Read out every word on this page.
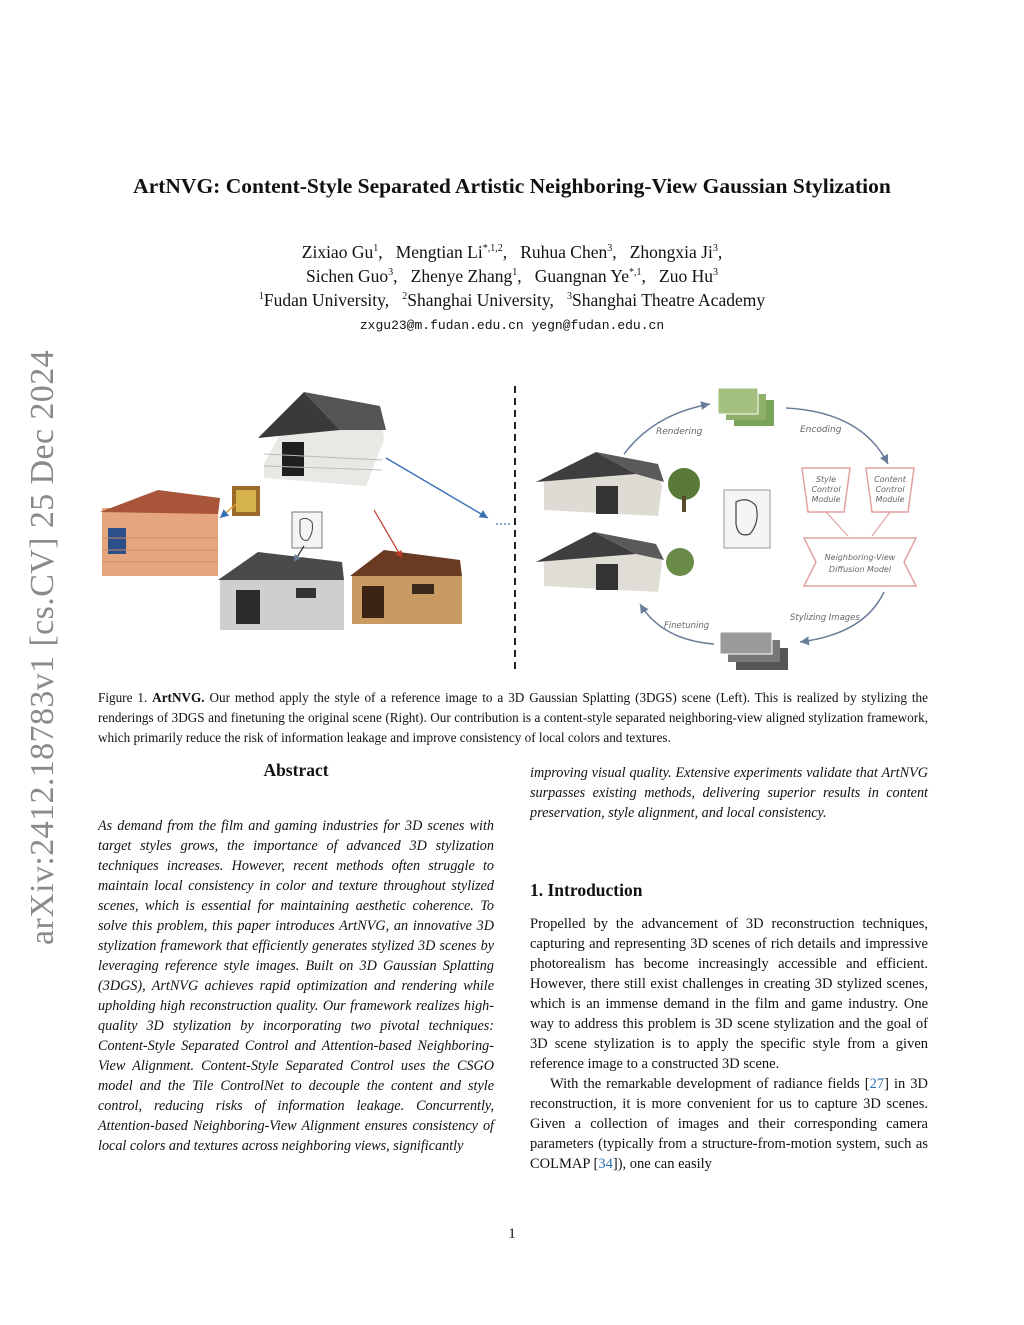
arXiv:2412.18783v1 [cs.CV] 25 Dec 2024
ArtNVG: Content-Style Separated Artistic Neighboring-View Gaussian Stylization
Zixiao Gu$^1$,   Mengtian $Li^{*,1,2}$,   Ruhua Chen$^3$,   Zhongxia Ji$^3$,
Sichen Guo$^3$,   Zhenye Zhang$^1$,   Guangnan $Ye^{*,1}$,   Zuo Hu$^3$
$^1$Fudan University, $^2$Shanghai University, $^3$Shanghai Theatre Academy
zxgu23@m.fudan.edu.cn yegn@fudan.edu.cn
Rendering	Encoding
Style
Control
Module
Content
Control
Module
Neighboring-View
Diffusion Model
Stylizing Images
Finetuning
Figure 1. ArtNVG. Our method apply the style of a reference image to a 3D Gaussian Splatting (3DGS) scene (Left). This is realized by stylizing the renderings of 3DGS and finetuning the original scene (Right). Our contribution is a content-style separated neighboring-view aligned stylization framework, which primarily reduce the risk of information leakage and improve consistency of local colors and textures.
Abstract
As demand from the film and gaming industries for 3D scenes with target styles grows, the importance of advanced 3D stylization techniques increases. However, recent methods often struggle to maintain local consistency in color and texture throughout stylized scenes, which is essential for maintaining aesthetic coherence. To solve this problem, this paper introduces ArtNVG, an innovative 3D stylization framework that efficiently generates stylized 3D scenes by leveraging reference style images. Built on 3D Gaussian Splatting (3DGS), ArtNVG achieves rapid optimization and rendering while upholding high reconstruction quality. Our framework realizes high-quality 3D stylization by incorporating two pivotal techniques: Content-Style Separated Control and Attention-based Neighboring-View Alignment. Content-Style Separated Control uses the CSGO model and the Tile ControlNet to decouple the content and style control, reducing risks of information leakage. Concurrently, Attention-based Neighboring-View Alignment ensures consistency of local colors and textures across neighboring views, significantly
improving visual quality. Extensive experiments validate that ArtNVG surpasses existing methods, delivering superior results in content preservation, style alignment, and local consistency.
1. Introduction

Propelled by the advancement of 3D reconstruction techniques, capturing and representing 3D scenes of rich details and impressive photorealism has become increasingly accessible and efficient. However, there still exist challenges in creating 3D stylized scenes, which is an immense demand in the film and game industry. One way to address this problem is 3D scene stylization and the goal of 3D scene stylization is to apply the specific style from a given reference image to a constructed 3D scene.

With the remarkable development of radiance fields [27] in 3D reconstruction, it is more convenient for us to capture 3D scenes. Given a collection of images and their corresponding camera parameters (typically from a structure-from-motion system, such as COLMAP [34]), one can easily

1
